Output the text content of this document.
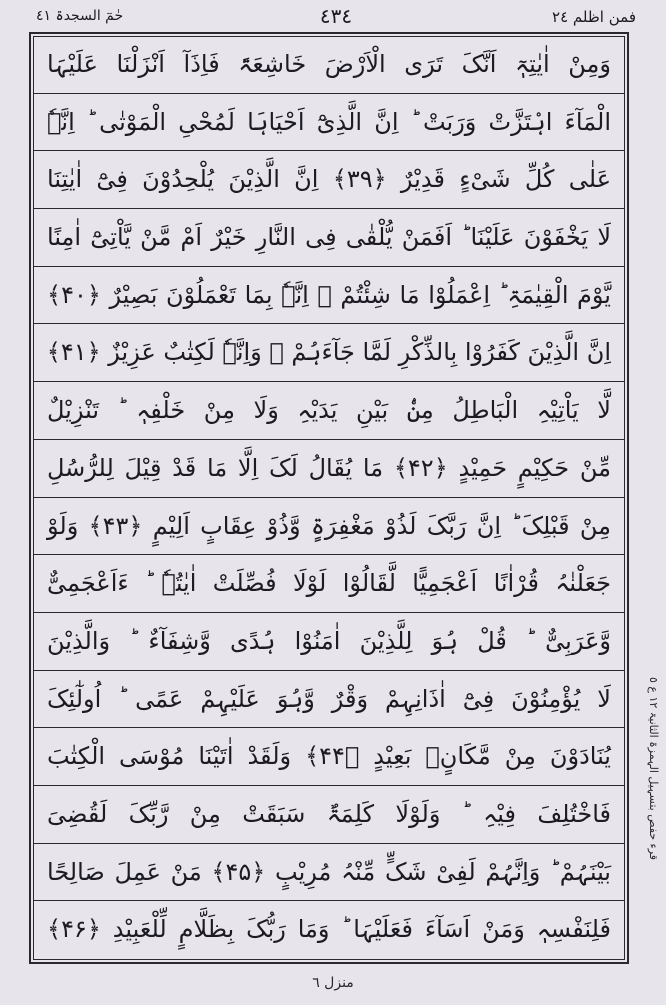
فمن اظلم ٢٤
٤٣٤
حٰمٓ السجدۃ ٤١
وَمِنْ اٰیٰتِہٖٓ اَنَّکَ تَرَی الْاَرْضَ خَاشِعَۃً فَاِذَآ اَنْزَلْنَا عَلَیْہَا
الْمَآءَ اہْتَزَّتْ وَرَبَتْ ؕ اِنَّ الَّذِیْٓ اَحْیَاہَا لَمُحْیِ الْمَوْتٰی ؕ اِنَّہٗ
عَلٰی کُلِّ شَیْءٍ قَدِیْرٌ ﴿۳۹﴾ اِنَّ الَّذِیْنَ یُلْحِدُوْنَ فِیْٓ اٰیٰتِنَا
لَا یَخْفَوْنَ عَلَیْنَا ؕ اَفَمَنْ یُّلْقٰی فِی النَّارِ خَیْرٌ اَمْ مَّنْ یَّاْتِیْٓ اٰمِنًا
یَّوْمَ الْقِیٰمَۃِ ؕ اِعْمَلُوْا مَا شِئْتُمْ ۙ اِنَّہٗ بِمَا تَعْمَلُوْنَ بَصِیْرٌ ﴿۴۰﴾
اِنَّ الَّذِیْنَ کَفَرُوْا بِالذِّکْرِ لَمَّا جَآءَہُمْ ۚ وَاِنَّہٗ لَکِتٰبٌ عَزِیْزٌ ﴿۴۱﴾
لَّا یَاْتِیْہِ الْبَاطِلُ مِنْۢ بَیْنِ یَدَیْہِ وَلَا مِنْ خَلْفِہٖ ؕ تَنْزِیْلٌ
مِّنْ حَکِیْمٍ حَمِیْدٍ ﴿۴۲﴾ مَا یُقَالُ لَکَ اِلَّا مَا قَدْ قِیْلَ لِلرُّسُلِ
مِنْ قَبْلِکَ ؕ اِنَّ رَبَّکَ لَذُوْ مَغْفِرَۃٍ وَّذُوْ عِقَابٍ اَلِیْمٍ ﴿۴۳﴾ وَلَوْ
جَعَلْنٰہُ قُرْاٰنًا اَعْجَمِیًّا لَّقَالُوْا لَوْلَا فُصِّلَتْ اٰیٰتُہٗ ؕ ءَاَعْجَمِیٌّ
وَّعَرَبِیٌّ ؕ قُلْ ہُوَ لِلَّذِیْنَ اٰمَنُوْا ہُدًی وَّشِفَآءٌ ؕ وَالَّذِیْنَ
لَا یُؤْمِنُوْنَ فِیْٓ اٰذَانِہِمْ وَقْرٌ وَّہُوَ عَلَیْہِمْ عَمًی ؕ اُولٰٓئِکَ
یُنَادَوْنَ مِنْ مَّکَانٍۢ بَعِیْدٍ ﴿۴۴﴾ وَلَقَدْ اٰتَیْنَا مُوْسَی الْکِتٰبَ
فَاخْتُلِفَ فِیْہِ ؕ وَلَوْلَا کَلِمَۃٌ سَبَقَتْ مِنْ رَّبِّکَ لَقُضِیَ
بَیْنَہُمْ ؕ وَاِنَّہُمْ لَفِیْ شَکٍّ مِّنْہُ مُرِیْبٍ ﴿۴۵﴾ مَنْ عَمِلَ صَالِحًا
فَلِنَفْسِہٖ وَمَنْ اَسَآءَ فَعَلَیْہَا ؕ وَمَا رَبُّکَ بِظَلَّامٍ لِّلْعَبِیْدِ ﴿۴۶﴾
قرء حفص بتسہیل الہمزۃ الثانیۃ ١٢ ع ٥
منزل ٦
